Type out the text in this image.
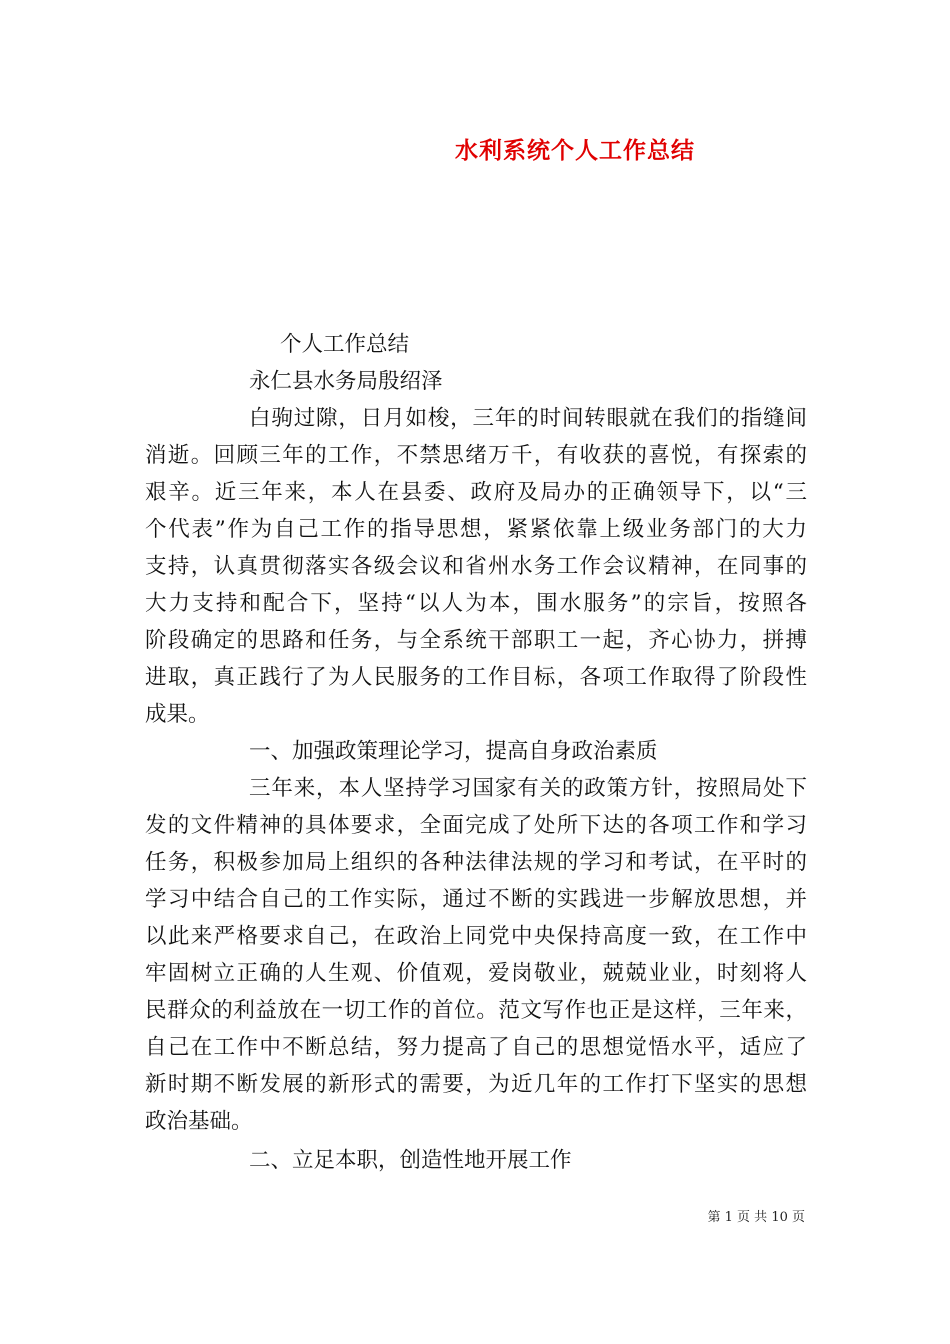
水利系统个人工作总结
个人工作总结
永仁县水务局殷绍泽
白驹过隙，日月如梭，三年的时间转眼就在我们的指缝间
消逝。回顾三年的工作，不禁思绪万千，有收获的喜悦，有探索的
艰辛。近三年来，本人在县委、政府及局办的正确领导下，以“三
个代表”作为自己工作的指导思想，紧紧依靠上级业务部门的大力
支持，认真贯彻落实各级会议和省州水务工作会议精神，在同事的
大力支持和配合下，坚持“以人为本，围水服务”的宗旨，按照各
阶段确定的思路和任务，与全系统干部职工一起，齐心协力，拼搏
进取，真正践行了为人民服务的工作目标，各项工作取得了阶段性
成果。
一、加强政策理论学习，提高自身政治素质
三年来，本人坚持学习国家有关的政策方针，按照局处下
发的文件精神的具体要求，全面完成了处所下达的各项工作和学习
任务，积极参加局上组织的各种法律法规的学习和考试，在平时的
学习中结合自己的工作实际，通过不断的实践进一步解放思想，并
以此来严格要求自己，在政治上同党中央保持高度一致，在工作中
牢固树立正确的人生观、价值观，爱岗敬业，兢兢业业，时刻将人
民群众的利益放在一切工作的首位。范文写作也正是这样，三年来，
自己在工作中不断总结，努力提高了自己的思想觉悟水平，适应了
新时期不断发展的新形式的需要，为近几年的工作打下坚实的思想
政治基础。
二、立足本职，创造性地开展工作
第 1 页 共 10 页
